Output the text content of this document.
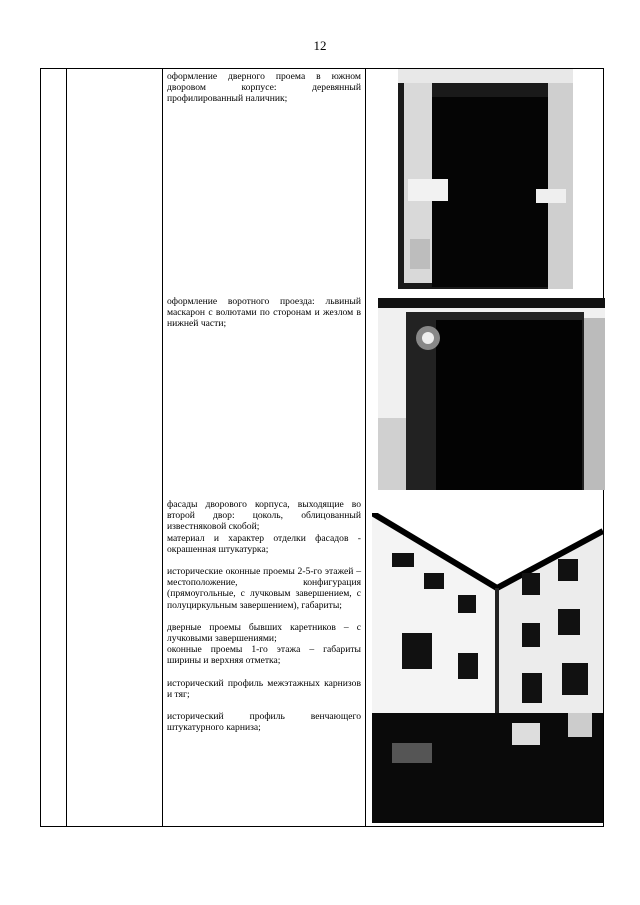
12

оформление дверного проема в южном дворовом корпусе: деревянный профилированный наличник;

оформление воротного проезда: львиный маскарон с волютами по сторонам и жезлом в нижней части;

фасады дворового корпуса, выходящие во второй двор: цоколь, облицованный известняковой скобой;

материал и характер отделки фасадов - окрашенная штукатурка;

исторические оконные проемы 2-5-го этажей – местоположение, конфигурация (прямоугольные, с лучковым завершением, с полуциркульным завершением), габариты;

дверные проемы бывших каретников – с лучковыми завершениями;

оконные проемы 1-го этажа – габариты ширины и верхняя отметка;

исторический профиль межэтажных карнизов и тяг;

исторический профиль венчающего штукатурного карниза;
